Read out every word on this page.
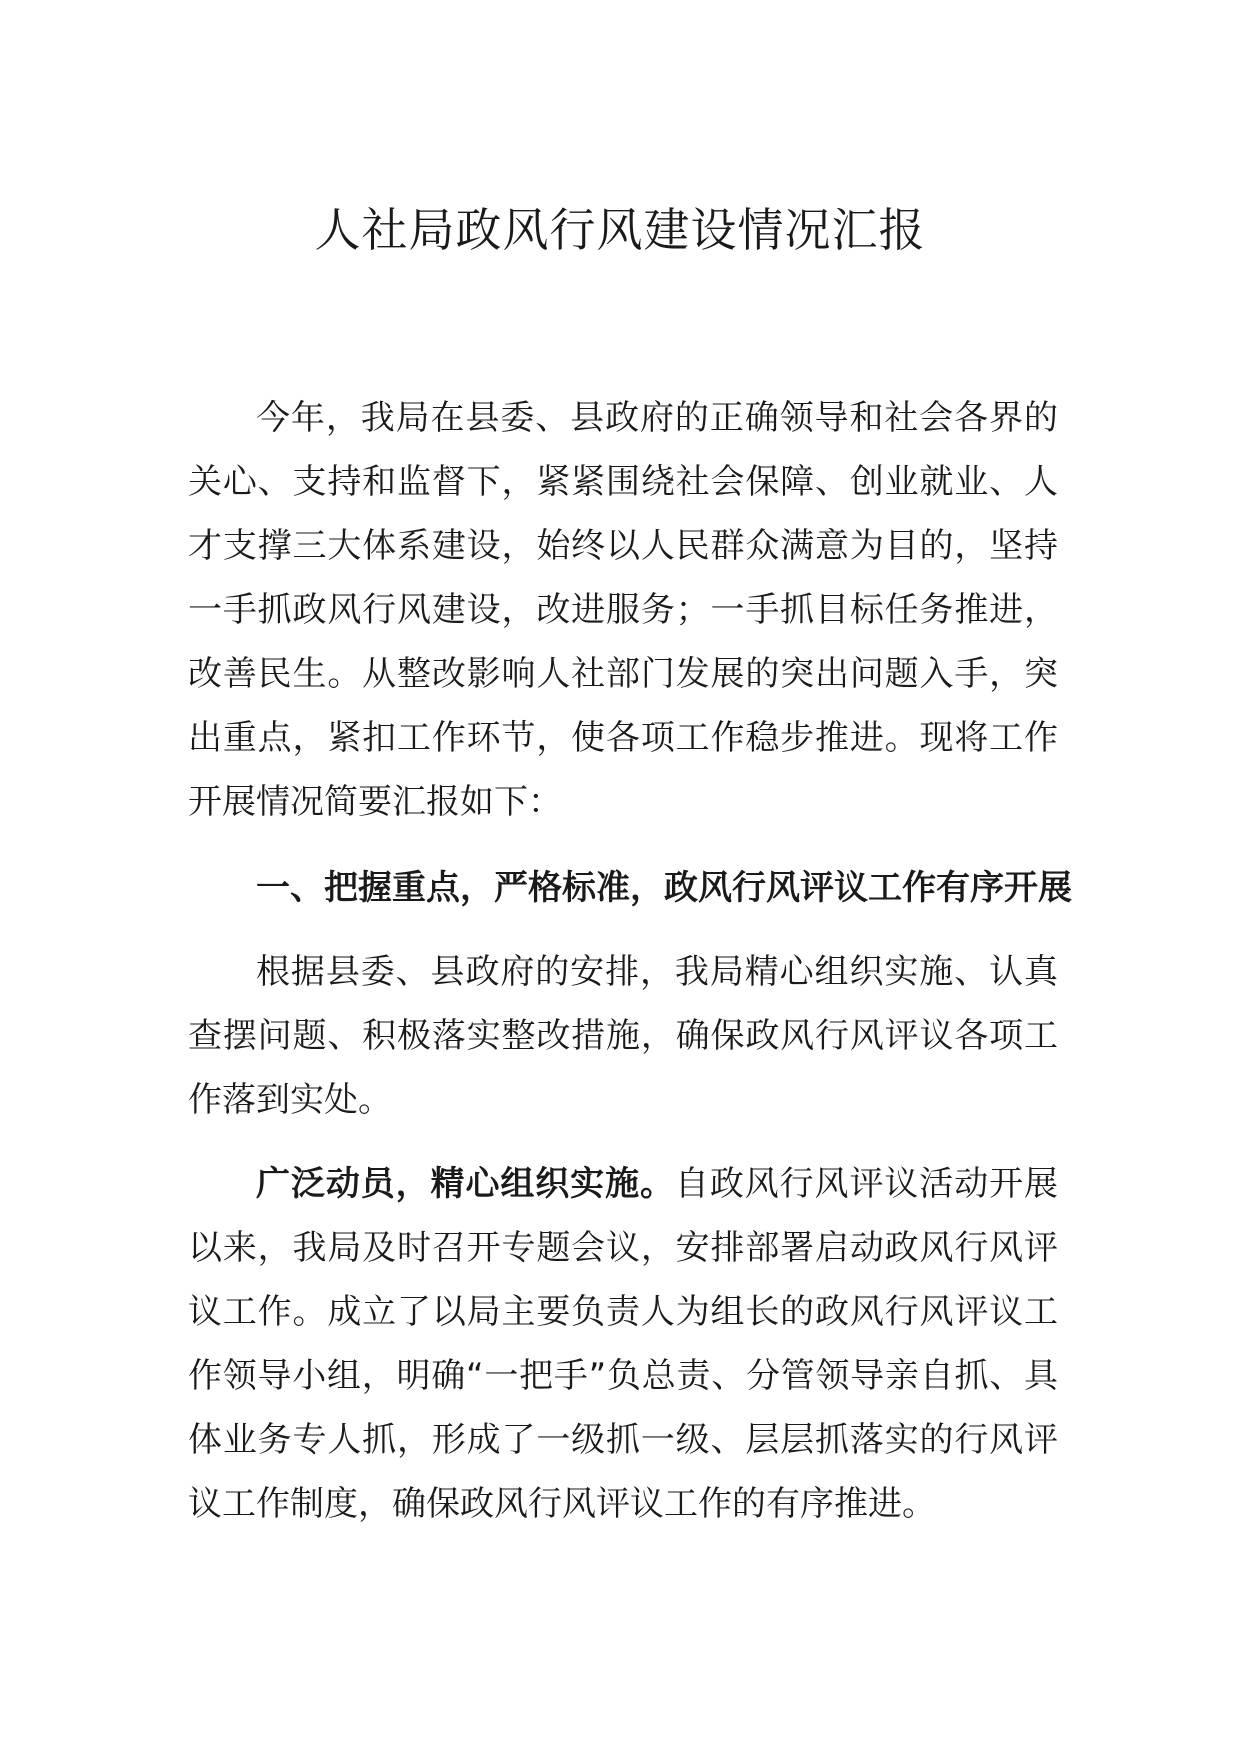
人社局政风行风建设情况汇报

今年，我局在县委、县政府的正确领导和社会各界的关心、支持和监督下，紧紧围绕社会保障、创业就业、人才支撑三大体系建设，始终以人民群众满意为目的，坚持一手抓政风行风建设，改进服务；一手抓目标任务推进，改善民生。从整改影响人社部门发展的突出问题入手，突出重点，紧扣工作环节，使各项工作稳步推进。现将工作开展情况简要汇报如下：

一、把握重点，严格标准，政风行风评议工作有序开展

根据县委、县政府的安排，我局精心组织实施、认真查摆问题、积极落实整改措施，确保政风行风评议各项工作落到实处。

广泛动员，精心组织实施。自政风行风评议活动开展以来，我局及时召开专题会议，安排部署启动政风行风评议工作。成立了以局主要负责人为组长的政风行风评议工作领导小组，明确“一把手”负总责、分管领导亲自抓、具体业务专人抓，形成了一级抓一级、层层抓落实的行风评议工作制度，确保政风行风评议工作的有序推进。
